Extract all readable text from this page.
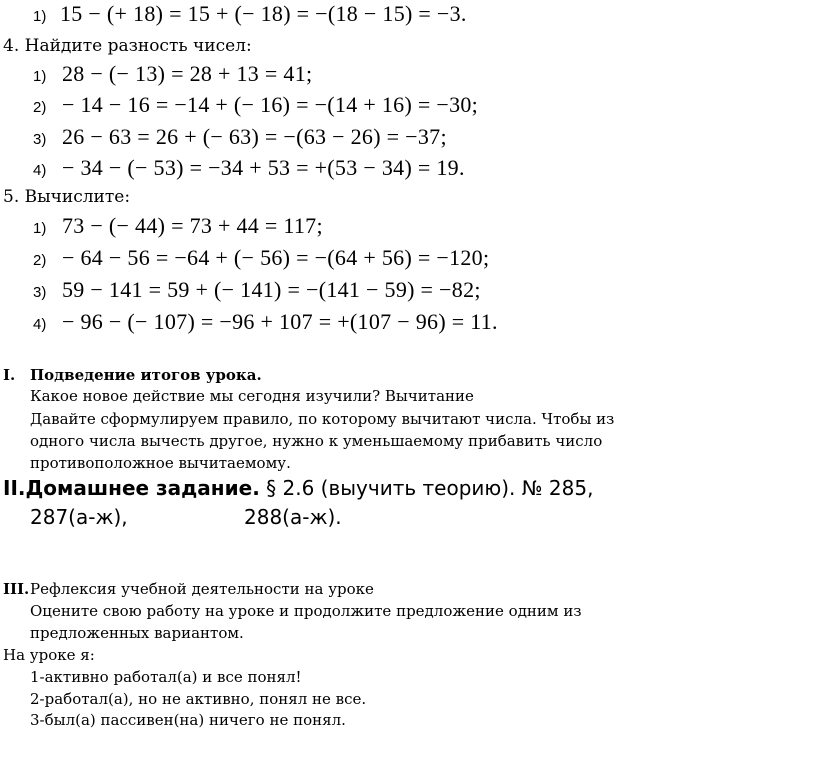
1) 15 − (+ 18) = 15 + (− 18) = −(18 − 15) = −3.
4. Найдите разность чисел:
1) 28 − (− 13) = 28 + 13 = 41;
2) − 14 − 16 = −14 + (− 16) = −(14 + 16) = −30;
3) 26 − 63 = 26 + (− 63) = −(63 − 26) = −37;
4) − 34 − (− 53) = −34 + 53 = +(53 − 34) = 19.
5. Вычислите:
1) 73 − (− 44) = 73 + 44 = 117;
2) − 64 − 56 = −64 + (− 56) = −(64 + 56) = −120;
3) 59 − 141 = 59 + (− 141) = −(141 − 59) = −82;
4) − 96 − (− 107) = −96 + 107 = +(107 − 96) = 11.
I. Подведение итогов урока.
Какое новое действие мы сегодня изучили? Вычитание
Давайте сформулируем правило, по которому вычитают числа. Чтобы из
одного числа вычесть другое, нужно к уменьшаемому прибавить число
противоположное вычитаемому.
II.Домашнее задание. § 2.6 (выучить теорию). № 285,
287(а-ж),	288(а-ж).
III. Рефлексия учебной деятельности на уроке
Оцените свою работу на уроке и продолжите предложение одним из
предложенных вариантом.
На уроке я:
1-активно работал(а) и все понял!
2-работал(а), но не активно, понял не все.
3-был(а) пассивен(на) ничего не понял.
